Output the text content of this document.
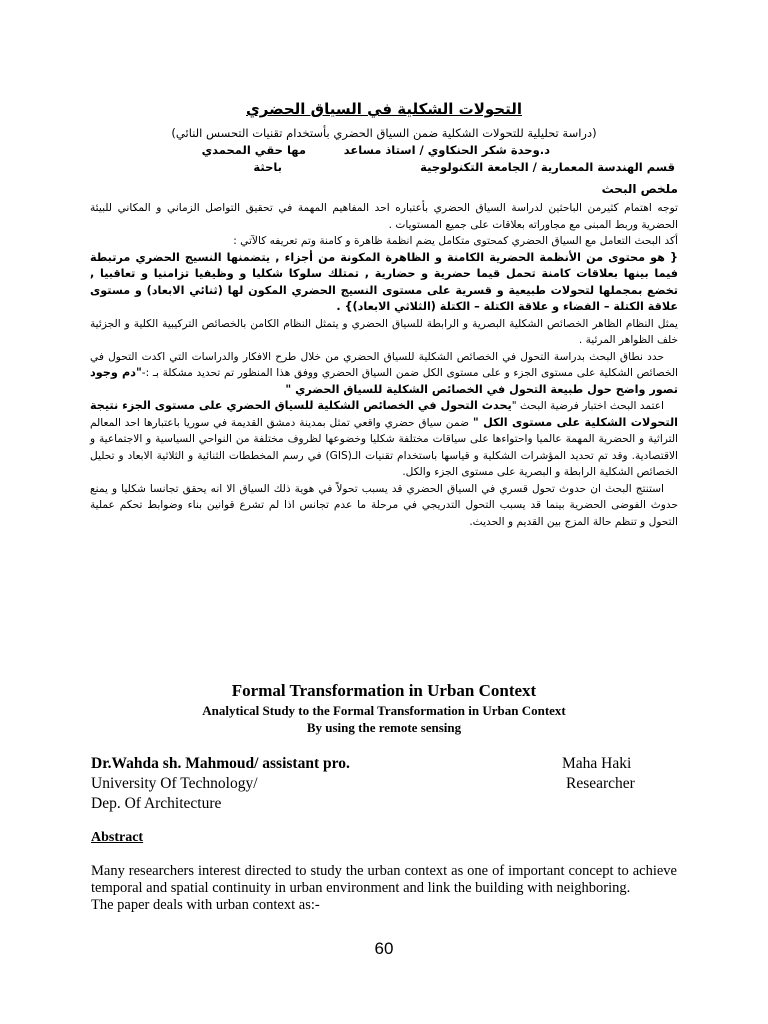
التحولات الشكلية في السياق الحضري
(دراسة تحليلية للتحولات الشكلية ضمن السياق الحضري بأستخدام تقنيات التحسس النائي)
د.وحدة شكر الحنكاوي / استاذ مساعد
مها حقي المحمدي
قسم الهندسة المعمارية / الجامعة التكنولوجية
باحثة
ملخص البحث

توجه اهتمام كثيرمن الباحثين لدراسة السياق الحضري بأعتباره احد المفاهيم المهمة في تحقيق التواصل الزماني و المكاني للبيئة الحضرية وربط المبنى مع مجاوراته بعلاقات على جميع المستويات .

أكد البحث التعامل مع السياق الحضري كمحتوى متكامل يضم انظمة ظاهرة و كامنة وتم تعريفه كالآتي :

{ هو محتوى من الأنظمة الحضرية الكامنة و الظاهرة المكونة من أجزاء , يتضمنها النسيج الحضري مرتبطة فيما بينها بعلاقات كامنة تحمل قيما حضرية و حضارية , تمتلك سلوكا شكليا و وظيفيا تزامنيا و تعاقبيا , تخضع بمجملها لتحولات طبيعية و قسرية على مستوى النسيج الحضري المكون لها (ثنائي الابعاد) و مستوى علاقة الكتلة – الفضاء و علاقة الكتلة – الكتلة (الثلاثي الابعاد)} .

يمثل النظام الظاهر الخصائص الشكلية البصرية و الرابطة للسياق الحضري و يتمثل النظام الكامن بالخصائص التركيبية الكلية و الجزئية خلف الظواهر المرئية .

حدد نطاق البحث بدراسة التحول في الخصائص الشكلية للسياق الحضري من خلال طرح الافكار والدراسات التي اكدت التحول في الخصائص الشكلية على مستوى الجزء و على مستوى الكل ضمن السياق الحضري ووفق هذا المنظور تم تحديد مشكلة بـ :-"دم وجود تصور واضح حول طبيعة التحول في الخصائص الشكلية للسياق الحضري "

اعتمد البحث اختبار فرضية البحث "يحدث التحول في الخصائص الشكلية للسياق الحضري على مستوى الجزء نتيجة التحولات الشكلية على مستوى الكل " ضمن سياق حضري واقعي تمثل بمدينة دمشق القديمة في سوريا باعتبارها احد المعالم التراثية و الحضرية المهمة عالميا واحتواءها على سياقات مختلفة شكليا وخضوعها لظروف مختلفة من النواحي السياسية و الاجتماعية و الاقتصادية. وقد تم تحديد المؤشرات الشكلية و قياسها باستخدام تقنيات الـ(GIS) في رسم المخططات الثنائية و الثلاثية الابعاد و تحليل الخصائص الشكلية الرابطة و البصرية على مستوى الجزء والكل.

استنتج البحث ان حدوث تحول قسري في السياق الحضري قد يسبب تحولاً في هوية ذلك السياق الا انه يحقق تجانسا شكليا و يمنع حدوث الفوضى الحضرية بينما قد يسبب التحول التدريجي في مرحلة ما عدم تجانس اذا لم تشرع قوانين بناء وضوابط تحكم عملية التحول و تنظم حالة المزج بين القديم و الحديث.

Formal Transformation in Urban Context
Analytical Study to the Formal Transformation in Urban Context
By using the remote sensing
Dr.Wahda sh. Mahmoud/ assistant pro.	Maha Haki
University Of Technology/	Researcher
Dep. Of Architecture
Abstract

Many researchers interest directed to study the urban context as one of important concept to achieve temporal and spatial continuity in urban environment and link the building with neighboring.

The paper deals with urban context as:-

60
